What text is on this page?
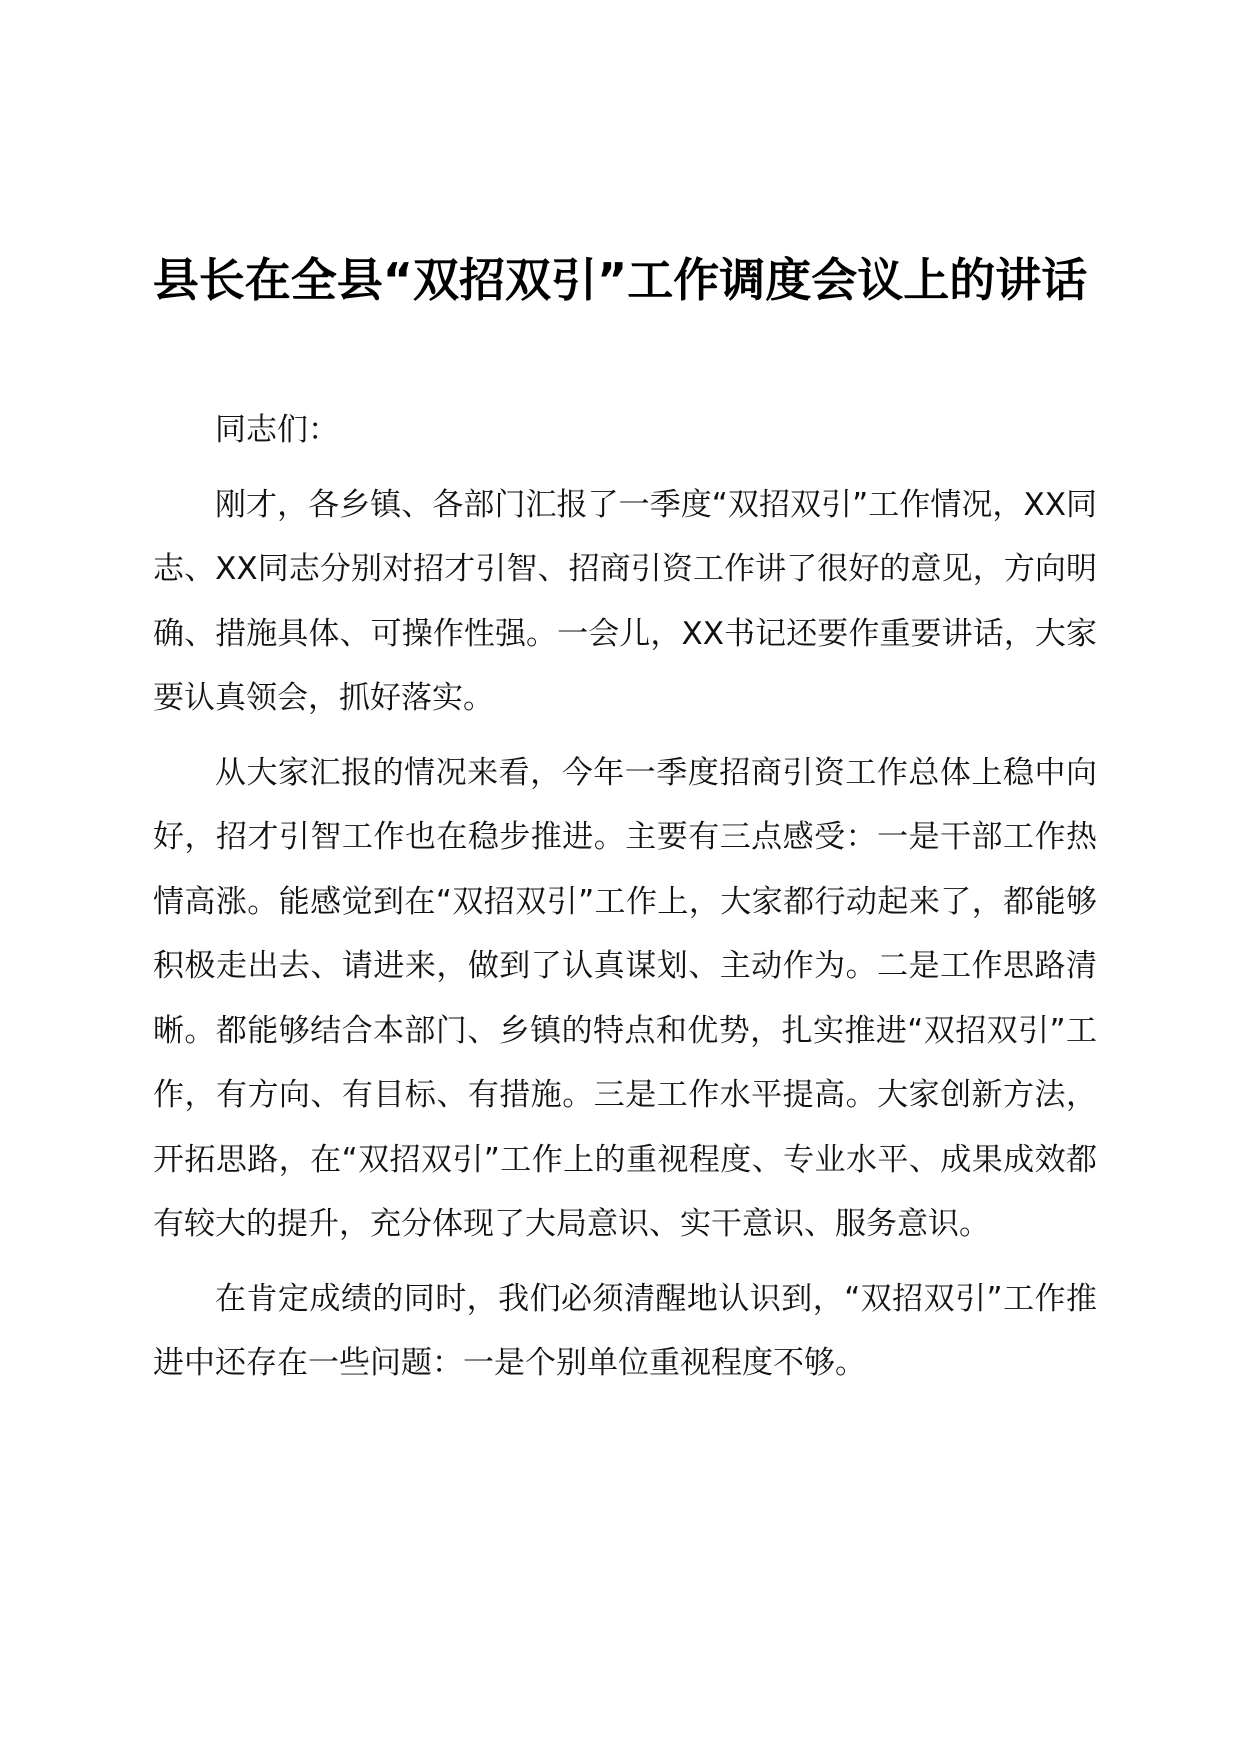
县长在全县“双招双引”工作调度会议上的讲话

同志们：

刚才，各乡镇、各部门汇报了一季度“双招双引”工作情况，XX同志、XX同志分别对招才引智、招商引资工作讲了很好的意见，方向明确、措施具体、可操作性强。一会儿，XX书记还要作重要讲话，大家要认真领会，抓好落实。

从大家汇报的情况来看，今年一季度招商引资工作总体上稳中向好，招才引智工作也在稳步推进。主要有三点感受：一是干部工作热情高涨。能感觉到在“双招双引”工作上，大家都行动起来了，都能够积极走出去、请进来，做到了认真谋划、主动作为。二是工作思路清晰。都能够结合本部门、乡镇的特点和优势，扎实推进“双招双引”工作，有方向、有目标、有措施。三是工作水平提高。大家创新方法，开拓思路，在“双招双引”工作上的重视程度、专业水平、成果成效都有较大的提升，充分体现了大局意识、实干意识、服务意识。

在肯定成绩的同时，我们必须清醒地认识到，“双招双引”工作推进中还存在一些问题：一是个别单位重视程度不够。
